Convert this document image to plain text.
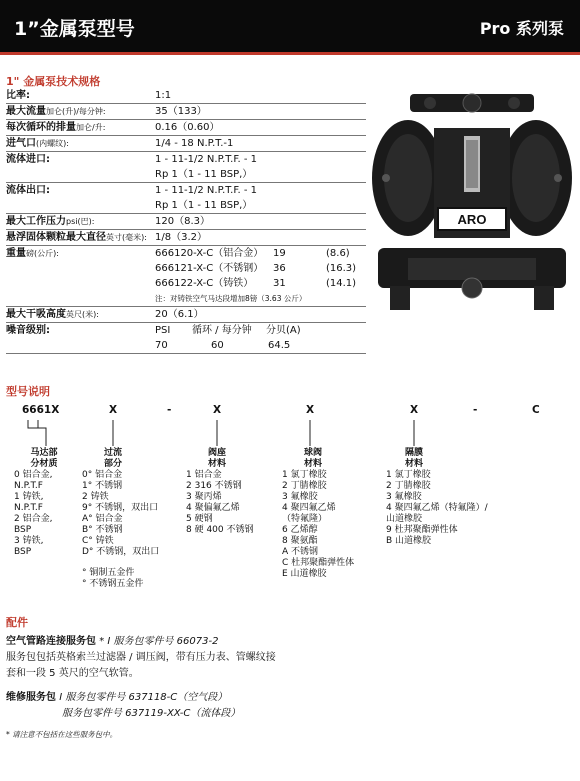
1”金属泵型号	Pro 系列泵
1" 金属泵技术规格
比率:	1:1
最大流量加仑(升)/每分钟:	35（133）
每次循环的排量加仑/升:	0.16（0.60）
进气口(内螺纹):	1/4 - 18 N.P.T.-1
流体进口:	1 - 11-1/2 N.P.T.F. - 1
Rp 1（1 - 11 BSP,）
流体出口:	1 - 11-1/2 N.P.T.F. - 1
Rp 1（1 - 11 BSP,）
最大工作压力psi(巴):	120（8.3）
悬浮固体颗粒最大直径英寸(毫米): 1/8（3.2）
重量磅(公斤):	666120-X-C（铝合金） 19	(8.6)
666121-X-C（不锈钢） 36	(16.3)
666122-X-C（铸铁） 31	(14.1)
注：对铸铁空气马达段增加8镑（3.63 公斤）
最大干吸高度英尺(米):	20（6.1）
噪音级别:	PSI 循环 / 每分钟 分贝(A)
70	60	64.5
ARO
型号说明
6661X	X	-	X	X	X	-	C
马达部
分材质
0 铝合金,
N.P.T.F
1 铸铁,
N.P.T.F
2 铝合金,
BSP
3 铸铁,
BSP
过流
部分
0° 铝合金
1° 不锈钢
2 铸铁
9° 不锈钢，双出口
A° 铝合金
B° 不锈钢
C° 铸铁
D° 不锈钢，双出口
° 铜制五金件
° 不锈钢五金件
阀座
材料
1 铝合金
2 316 不锈钢
3 聚丙烯
4 聚偏氟乙烯
5 硬钢
8 硬 400 不锈钢
球阀
材料
1 氯丁橡胶
2 丁腈橡胶
3 氟橡胶
4 聚四氟乙烯
（特氟隆）
6 乙烯醇
8 聚氨酯
A 不锈钢
C 杜邦聚酯弹性体
E 山道橡胶
隔膜
材料
1 氯丁橡胶
2 丁腈橡胶
3 氟橡胶
4 聚四氟乙烯（特氟隆）/
山道橡胶
9 杜邦聚酯弹性体
B 山道橡胶
配件
空气管路连接服务包 * I 服务包零件号 66073-2
服务包包括英格索兰过滤器 / 调压阀，带有压力表、管螺纹接
套和一段 5 英尺的空气软管。
维修服务包 I 服务包零件号 637118-C（空气段）
服务包零件号 637119-XX-C（流体段）
* 请注意不包括在这些服务包中。
